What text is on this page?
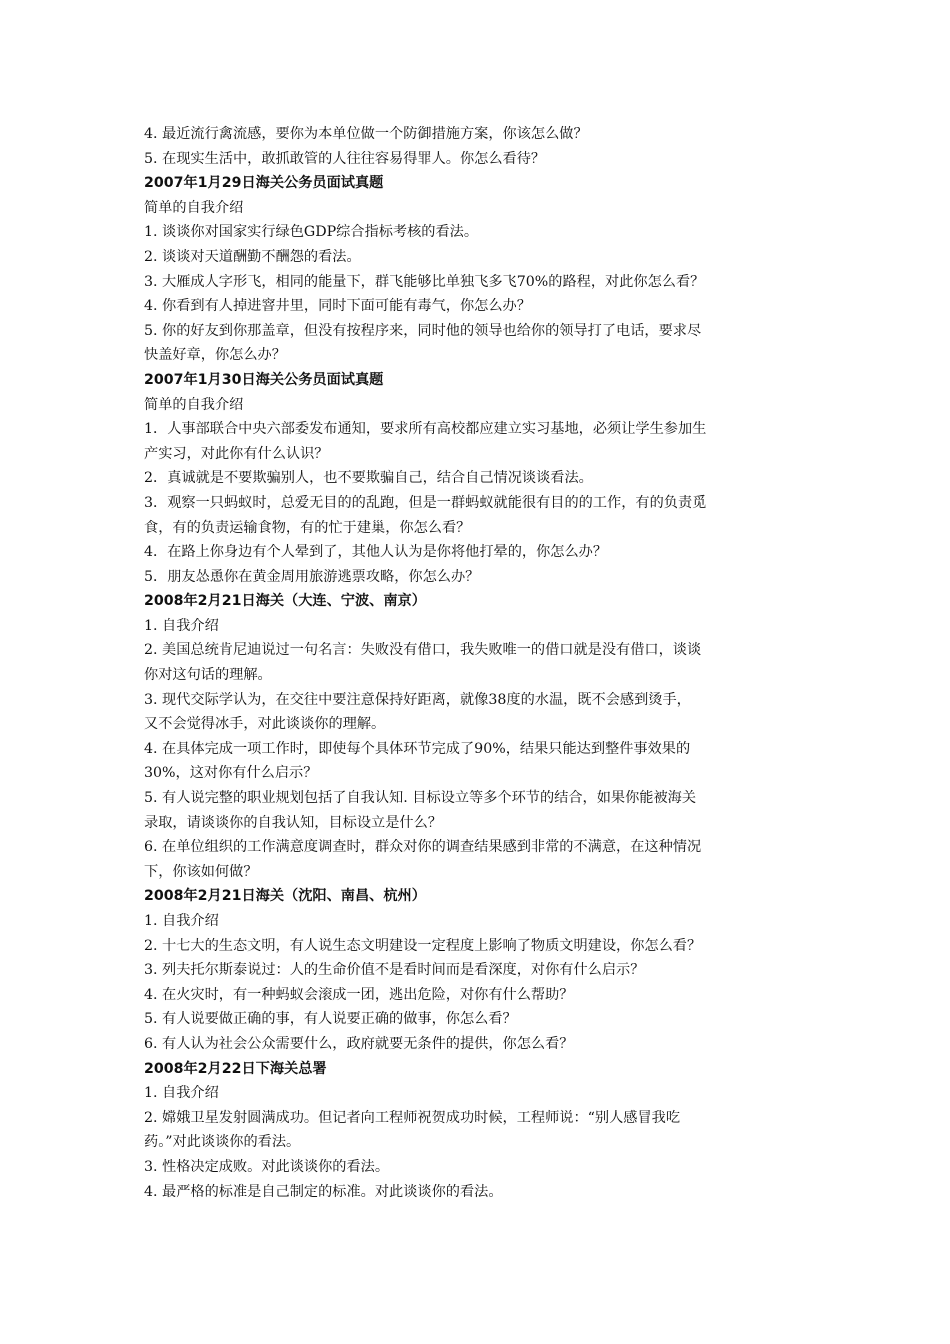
4. 最近流行禽流感，要你为本单位做一个防御措施方案，你该怎么做？
5. 在现实生活中，敢抓敢管的人往往容易得罪人。你怎么看待？
2007年1月29日海关公务员面试真题
简单的自我介绍
1. 谈谈你对国家实行绿色GDP综合指标考核的看法。
2. 谈谈对天道酬勤不酬怨的看法。
3. 大雁成人字形飞，相同的能量下，群飞能够比单独飞多飞70%的路程，对此你怎么看？
4. 你看到有人掉进窨井里，同时下面可能有毒气，你怎么办？
5. 你的好友到你那盖章，但没有按程序来，同时他的领导也给你的领导打了电话，要求尽
快盖好章，你怎么办？
2007年1月30日海关公务员面试真题
简单的自我介绍
1．人事部联合中央六部委发布通知，要求所有高校都应建立实习基地，必须让学生参加生
产实习，对此你有什么认识？
2．真诚就是不要欺骗别人，也不要欺骗自己，结合自己情况谈谈看法。
3．观察一只蚂蚁时，总爱无目的的乱跑，但是一群蚂蚁就能很有目的的工作，有的负责觅
食，有的负责运输食物，有的忙于建巢，你怎么看？
4．在路上你身边有个人晕到了，其他人认为是你将他打晕的，你怎么办？
5．朋友怂恿你在黄金周用旅游逃票攻略，你怎么办？
2008年2月21日海关（大连、宁波、南京）
1. 自我介绍
2. 美国总统肯尼迪说过一句名言：失败没有借口，我失败唯一的借口就是没有借口，谈谈
你对这句话的理解。
3. 现代交际学认为，在交往中要注意保持好距离，就像38度的水温，既不会感到烫手，
又不会觉得冰手，对此谈谈你的理解。
4. 在具体完成一项工作时，即使每个具体环节完成了90%，结果只能达到整件事效果的
30%，这对你有什么启示？
5. 有人说完整的职业规划包括了自我认知. 目标设立等多个环节的结合，如果你能被海关
录取，请谈谈你的自我认知，目标设立是什么？
6. 在单位组织的工作满意度调查时，群众对你的调查结果感到非常的不满意，在这种情况
下，你该如何做？
2008年2月21日海关（沈阳、南昌、杭州）
1. 自我介绍
2. 十七大的生态文明，有人说生态文明建设一定程度上影响了物质文明建设，你怎么看？
3. 列夫托尔斯泰说过：人的生命价值不是看时间而是看深度，对你有什么启示？
4. 在火灾时，有一种蚂蚁会滚成一团，逃出危险，对你有什么帮助？
5. 有人说要做正确的事，有人说要正确的做事，你怎么看？
6. 有人认为社会公众需要什么，政府就要无条件的提供，你怎么看？
2008年2月22日下海关总署
1. 自我介绍
2. 嫦娥卫星发射圆满成功。但记者向工程师祝贺成功时候，工程师说：“别人感冒我吃
药。”对此谈谈你的看法。
3. 性格决定成败。对此谈谈你的看法。
4. 最严格的标准是自己制定的标准。对此谈谈你的看法。
